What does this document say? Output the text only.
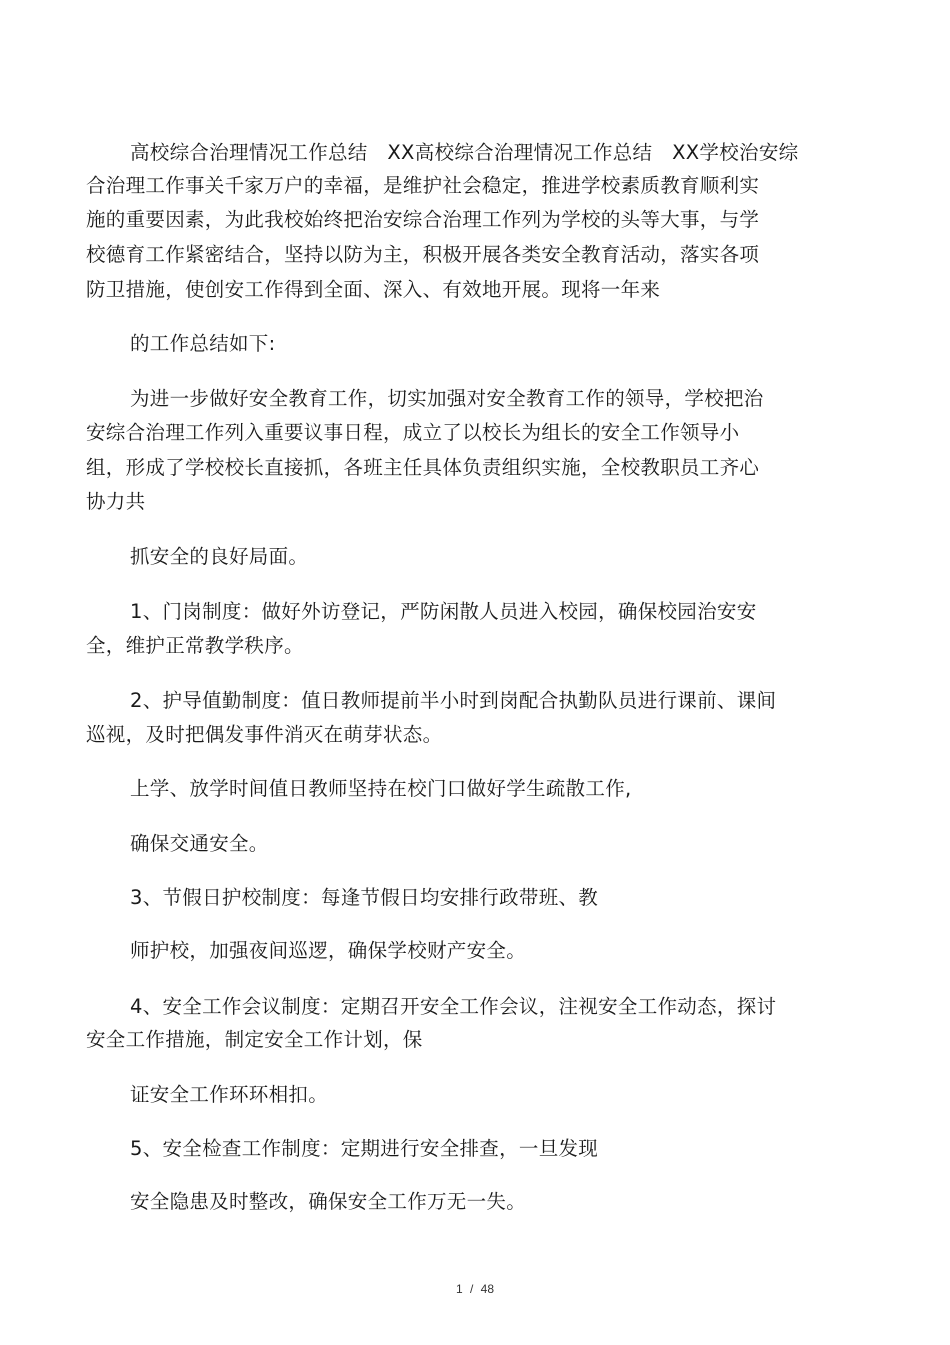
高校综合治理情况工作总结　XX高校综合治理情况工作总结　XX学校治安综
合治理工作事关千家万户的幸福，是维护社会稳定，推进学校素质教育顺利实
施的重要因素，为此我校始终把治安综合治理工作列为学校的头等大事，与学
校德育工作紧密结合，坚持以防为主，积极开展各类安全教育活动，落实各项
防卫措施，使创安工作得到全面、深入、有效地开展。现将一年来
的工作总结如下:
为进一步做好安全教育工作，切实加强对安全教育工作的领导，学校把治
安综合治理工作列入重要议事日程，成立了以校长为组长的安全工作领导小
组，形成了学校校长直接抓，各班主任具体负责组织实施，全校教职员工齐心
协力共
抓安全的良好局面。
1、门岗制度：做好外访登记，严防闲散人员进入校园，确保校园治安安
全，维护正常教学秩序。
2、护导值勤制度：值日教师提前半小时到岗配合执勤队员进行课前、课间
巡视，及时把偶发事件消灭在萌芽状态。
上学、放学时间值日教师坚持在校门口做好学生疏散工作,
确保交通安全。
3、节假日护校制度：每逢节假日均安排行政带班、教
师护校，加强夜间巡逻，确保学校财产安全。
4、安全工作会议制度：定期召开安全工作会议，注视安全工作动态，探讨
安全工作措施，制定安全工作计划，保
证安全工作环环相扣。
5、安全检查工作制度：定期进行安全排查，一旦发现
安全隐患及时整改，确保安全工作万无一失。
1 / 48
